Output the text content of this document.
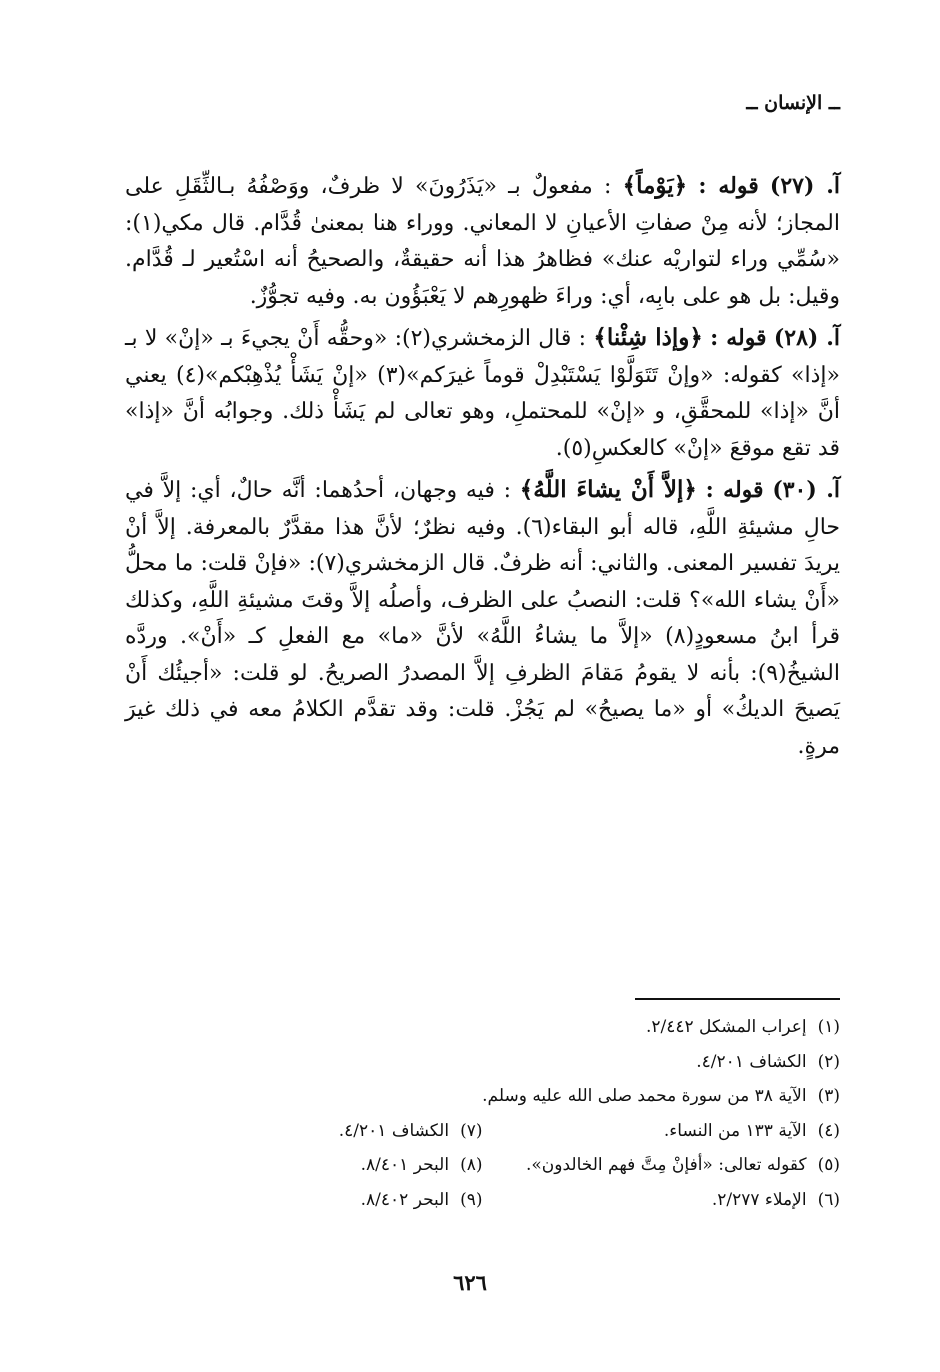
ــ الإنسان ــ

آ. (٢٧) قوله : ﴿يَوْماً﴾ : مفعولٌ بـ «يَذَرُونَ» لا ظرفٌ، ووَصْفُهُ بـالثِّقَلِ على المجاز؛ لأنه مِنْ صفاتِ الأعيانِ لا المعاني. ووراء هنا بمعنىٰ قُدَّام. قال مكي(١): «سُمِّي وراء لتواريْه عنك» فظاهرُ هذا أنه حقيقةٌ، والصحيحُ أنه اسْتُعير لـ قُدَّام. وقيل: بل هو على بابِه، أي: وراءَ ظهورِهم لا يَعْبَؤُون به. وفيه تجوُّزٌ.

آ. (٢٨) قوله : ﴿وإذا شِئْنا﴾ : قال الزمخشري(٢): «وحقُّه أَنْ يجيءَ بـ «إنْ» لا بـ «إذا» كقوله: «وإنْ تَتَوَلَّوْا يَسْتَبْدِلْ قوماً غيرَكم»(٣) «إنْ يَشَأْ يُذْهِبْكم»(٤) يعني أنَّ «إذا» للمحقَّقِ، و «إنْ» للمحتملِ، وهو تعالى لم يَشَأْ ذلك. وجوابُه أنَّ «إذا» قد تقع موقعَ «إنْ» كالعكسِ(٥).

آ. (٣٠) قوله : ﴿إلاَّ أَنْ يشاءَ اللَّهُ﴾ : فيه وجهان، أحدُهما: أنَّه حالٌ، أي: إلاَّ في حالِ مشيئةِ اللَّهِ، قاله أبو البقاء(٦). وفيه نظرٌ؛ لأنَّ هذا مقدَّرٌ بالمعرفة. إلاَّ أنْ يريدَ تفسير المعنى. والثاني: أنه ظرفٌ. قال الزمخشري(٧): «فإنْ قلت: ما محلُّ «أَنْ يشاء الله»؟ قلت: النصبُ على الظرف، وأصلُه إلاَّ وقتَ مشيئةِ اللَّهِ، وكذلك قرأ ابنُ مسعودٍ(٨) «إلاَّ ما يشاءُ اللَّهُ» لأنَّ «ما» مع الفعلِ كـ «أَنْ». وردَّه الشيخُ(٩): بأنه لا يقومُ مَقامَ الظرفِ إلاَّ المصدرُ الصريحُ. لو قلت: «أجيئُك أَنْ يَصيحَ الديكُ» أو «ما يصيحُ» لم يَجُزْ. قلت: وقد تقدَّم الكلامُ معه في ذلك غيرَ مرةٍ.

(١) إعراب المشكل ٢/٤٤٢.
(٢) الكشاف ٤/٢٠١.
(٣) الآية ٣٨ من سورة محمد صلى الله عليه وسلم.
(٤) الآية ١٣٣ من النساء.
(٧) الكشاف ٤/٢٠١.
(٥) كقوله تعالى: «أفإنْ مِتَّ فهم الخالدون».
(٨) البحر ٨/٤٠١.
(٦) الإملاء ٢/٢٧٧.
(٩) البحر ٨/٤٠٢.
٦٢٦
